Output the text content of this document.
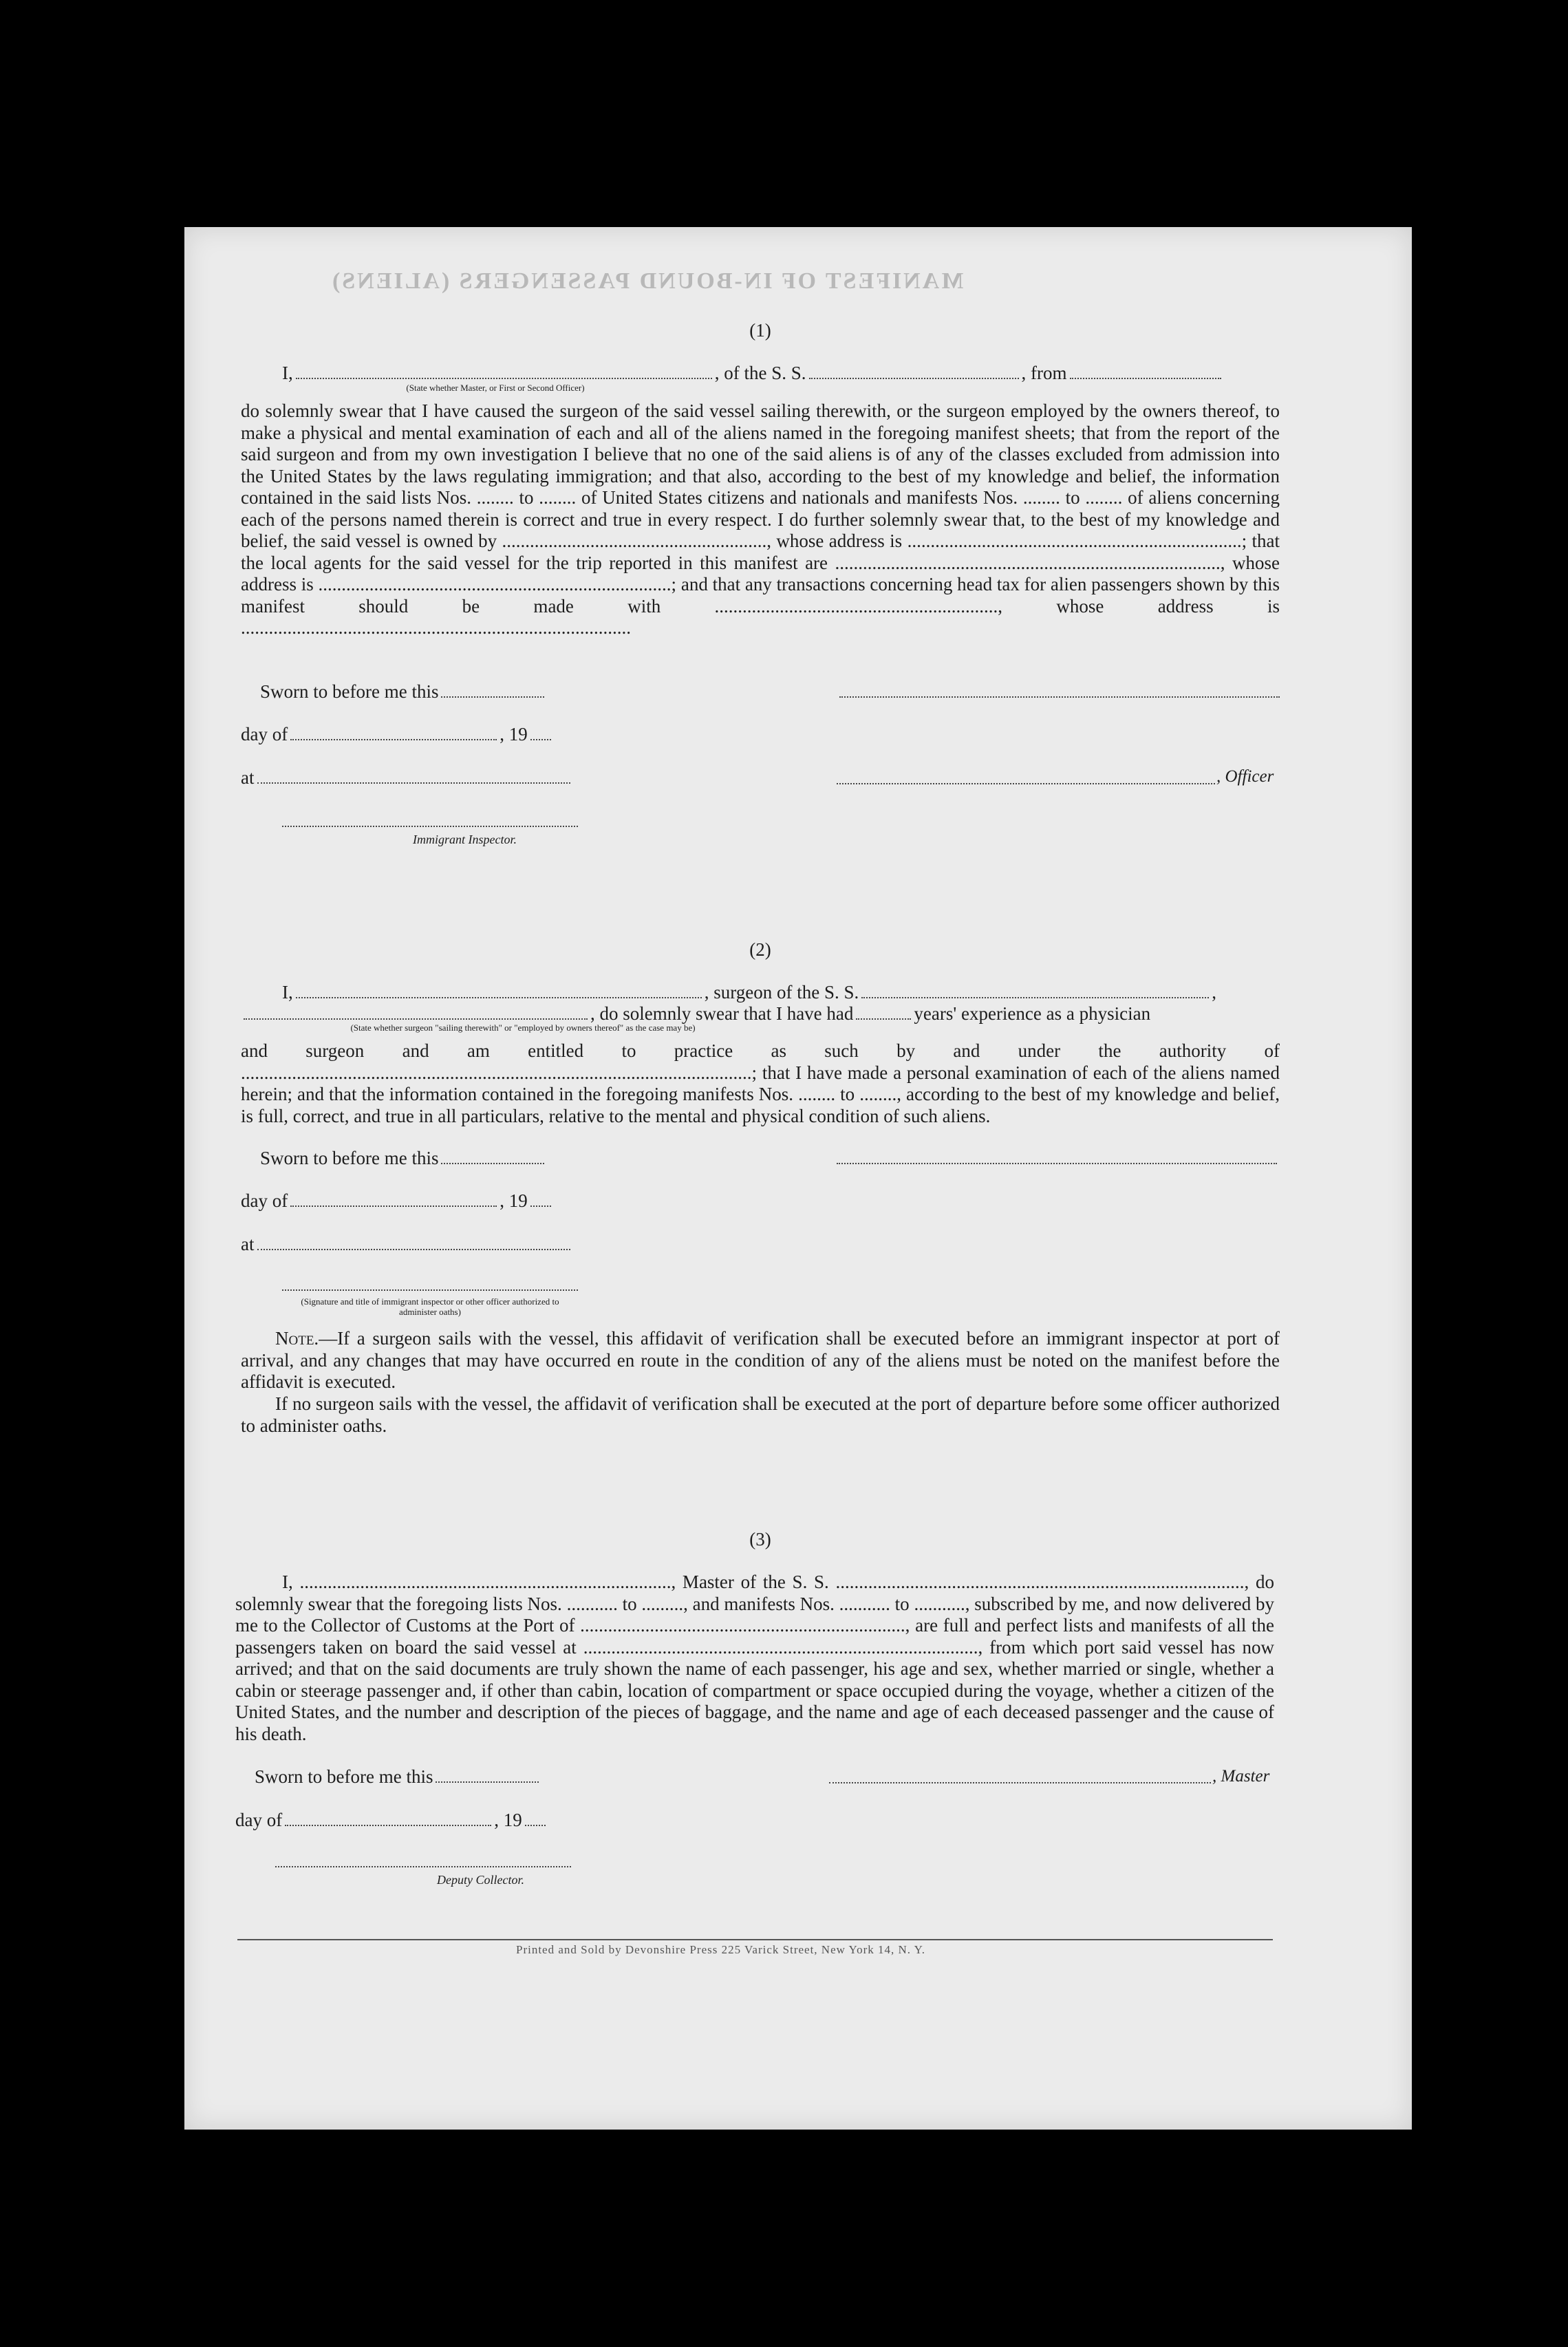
MANIFEST OF IN-BOUND PASSENGERS (ALIENS)
(1)
I,	, of the S. S.	, from
(State whether Master, or First or Second Officer)
do solemnly swear that I have caused the surgeon of the said vessel sailing therewith, or the surgeon employed by the owners thereof, to make a physical and mental examination of each and all of the aliens named in the foregoing manifest sheets; that from the report of the said surgeon and from my own investigation I believe that no one of the said aliens is of any of the classes excluded from admission into the United States by the laws regulating immigration; and that also, according to the best of my knowledge and belief, the information contained in the said lists Nos. ........ to ........ of United States citizens and nationals and manifests Nos. ........ to ........ of aliens concerning each of the persons named therein is correct and true in every respect. I do further solemnly swear that, to the best of my knowledge and belief, the said vessel is owned by ........................................................., whose address is ........................................................................; that the local agents for the said vessel for the trip reported in this manifest are ..................................................................................., whose address is ............................................................................; and that any transactions concerning head tax for alien passengers shown by this manifest should be made with ............................................................., whose address is ....................................................................................
Sworn to before me this
day of	, 19
at	, Officer
Immigrant Inspector.
(2)
I,	, surgeon of the S. S.	,
, do solemnly swear that I have had	years' experience as a physician
(State whether surgeon "sailing therewith" or "employed by owners thereof" as the case may be)
and surgeon and am entitled to practice as such by and under the authority of ..............................................................................................................; that I have made a personal examination of each of the aliens named herein; and that the information contained in the foregoing manifests Nos. ........ to ........, according to the best of my knowledge and belief, is full, correct, and true in all particulars, relative to the mental and physical condition of such aliens.
Sworn to before me this
day of	, 19
at
(Signature and title of immigrant inspector or other officer authorized to administer oaths)
Note.—If a surgeon sails with the vessel, this affidavit of verification shall be executed before an immigrant inspector at port of arrival, and any changes that may have occurred en route in the condition of any of the aliens must be noted on the manifest before the affidavit is executed.
If no surgeon sails with the vessel, the affidavit of verification shall be executed at the port of departure before some officer authorized to administer oaths.
(3)
I, ................................................................................, Master of the S. S. ........................................................................................, do solemnly swear that the foregoing lists Nos. ........... to ........., and manifests Nos. ........... to ..........., subscribed by me, and now delivered by me to the Collector of Customs at the Port of ......................................................................, are full and perfect lists and manifests of all the passengers taken on board the said vessel at ....................................................................................., from which port said vessel has now arrived; and that on the said documents are truly shown the name of each passenger, his age and sex, whether married or single, whether a cabin or steerage passenger and, if other than cabin, location of compartment or space occupied during the voyage, whether a citizen of the United States, and the number and description of the pieces of baggage, and the name and age of each deceased passenger and the cause of his death.
Sworn to before me this	, Master
day of	, 19
Deputy Collector.
Printed and Sold by Devonshire Press 225 Varick Street, New York 14, N. Y.
